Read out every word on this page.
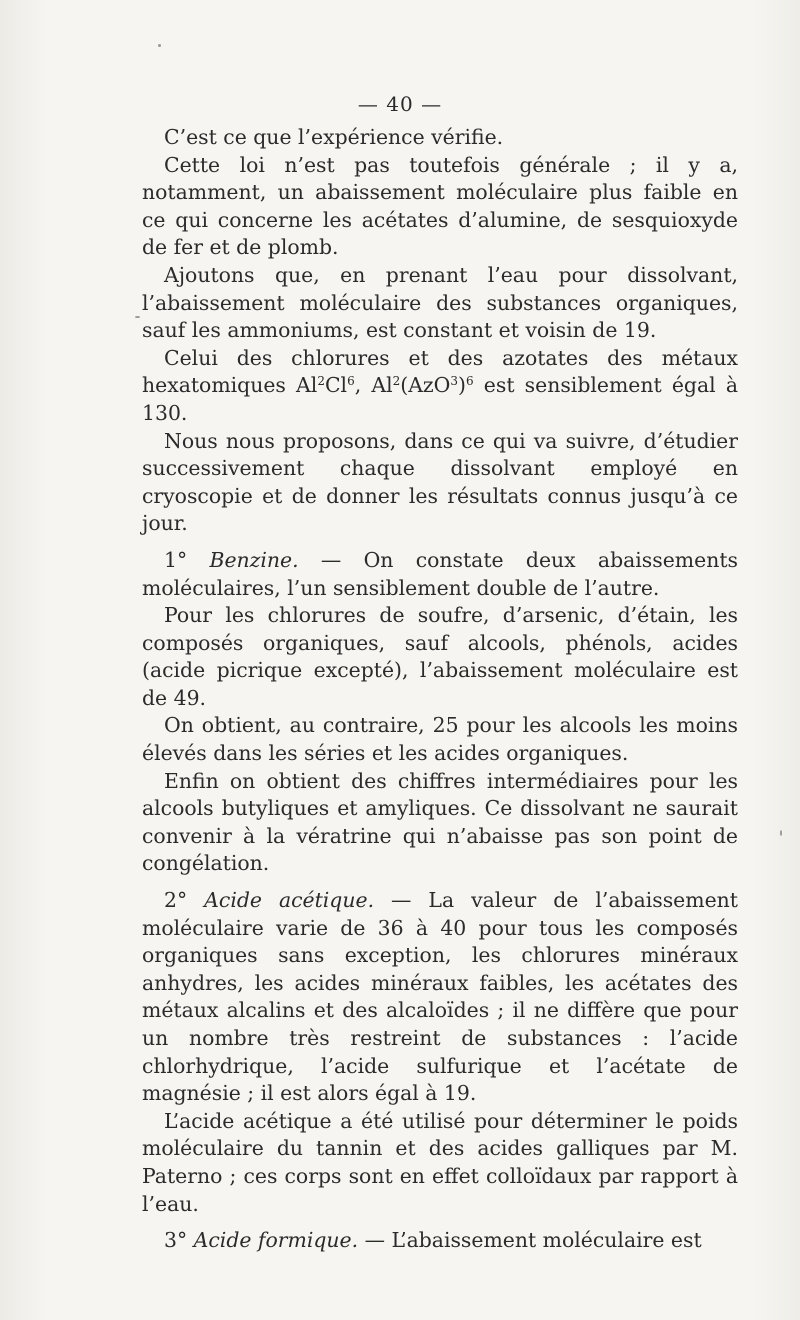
— 40 —

C’est ce que l’expérience vérifie.

Cette loi n’est pas toutefois générale ; il y a, notamment, un abaissement moléculaire plus faible en ce qui concerne les acétates d’alumine, de sesquioxyde de fer et de plomb.

Ajoutons que, en prenant l’eau pour dissolvant, l’abaissement moléculaire des substances organiques, sauf les ammoniums, est constant et voisin de 19.

Celui des chlorures et des azotates des métaux hexatomiques Al$^2$Cl$^6$, $Al^2(AzO^3)^6$ est sensiblement égal à 130.

Nous nous proposons, dans ce qui va suivre, d’étudier successivement chaque dissolvant employé en cryoscopie et de donner les résultats connus jusqu’à ce jour.

1° Benzine. — On constate deux abaissements moléculaires, l’un sensiblement double de l’autre.

Pour les chlorures de soufre, d’arsenic, d’étain, les composés organiques, sauf alcools, phénols, acides (acide picrique excepté), l’abaissement moléculaire est de 49.

On obtient, au contraire, 25 pour les alcools les moins élevés dans les séries et les acides organiques.

Enfin on obtient des chiffres intermédiaires pour les alcools butyliques et amyliques. Ce dissolvant ne saurait convenir à la vératrine qui n’abaisse pas son point de congélation.

2° Acide acétique. — La valeur de l’abaissement moléculaire varie de 36 à 40 pour tous les composés organiques sans exception, les chlorures minéraux anhydres, les acides minéraux faibles, les acétates des métaux alcalins et des alcaloïdes ; il ne diffère que pour un nombre très restreint de substances : l’acide chlorhydrique, l’acide sulfurique et l’acétate de magnésie ; il est alors égal à 19.

L’acide acétique a été utilisé pour déterminer le poids moléculaire du tannin et des acides galliques par M. Paterno ; ces corps sont en effet colloïdaux par rapport à l’eau.

3° Acide formique. — L’abaissement moléculaire est
